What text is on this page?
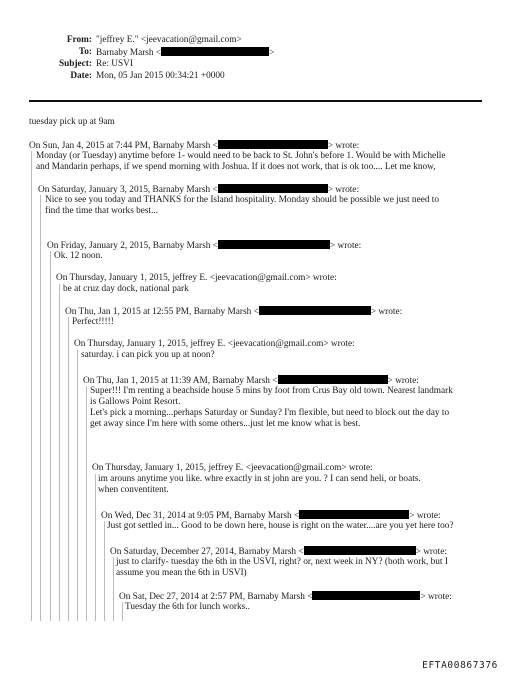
From: "jeffrey E." <jeevacation@gmail.com>
To: Barnaby Marsh <	>
Subject: Re: USVI
Date: Mon, 05 Jan 2015 00:34:21 +0000
tuesday pick up at 9am
On Sun, Jan 4, 2015 at 7:44 PM, Barnaby Marsh <	> wrote:
Monday (or Tuesday) anytime before 1- would need to be back to St. John's before 1. Would be with Michelle
and Mandarin perhaps, if we spend morning with Joshua. If it does not work, that is ok too.... Let me know,
On Saturday, January 3, 2015, Barnaby Marsh <	> wrote:
Nice to see you today and THANKS for the Island hospitality. Monday should be possible we just need to
find the time that works best...
On Friday, January 2, 2015, Barnaby Marsh <	> wrote:
Ok. 12 noon.
On Thursday, January 1, 2015, jeffrey E. <jeevacation@gmail.com> wrote:
be at cruz day dock, national park
On Thu, Jan 1, 2015 at 12:55 PM, Barnaby Marsh <	> wrote:
Perfect!!!!!
On Thursday, January 1, 2015, jeffrey E. <jeevacation@gmail.com> wrote:
saturday. i can pick you up at noon?
On Thu, Jan 1, 2015 at 11:39 AM, Barnaby Marsh <	> wrote:
Super!!! I'm renting a beachside house 5 mins by foot from Crus Bay old town. Nearest landmark
is Gallows Point Resort.
Let's pick a morning...perhaps Saturday or Sunday? I'm flexible, but need to block out the day to
get away since I'm here with some others...just let me know what is best.
On Thursday, January 1, 2015, jeffrey E. <jeevacation@gmail.com> wrote:
im arouns anytime you like. whre exactly in st john are you. ? I can send heli, or boats.
when conventitent.
On Wed, Dec 31, 2014 at 9:05 PM, Barnaby Marsh <	> wrote:
Just got settled in... Good to be down here, house is right on the water....are you yet here too?
On Saturday, December 27, 2014, Barnaby Marsh <	> wrote:
just to clarify- tuesday the 6th in the USVI, right? or, next week in NY? (both work, but I
assume you mean the 6th in USVI)
On Sat, Dec 27, 2014 at 2:57 PM, Barnaby Marsh <	> wrote:
Tuesday the 6th for lunch works..
EFTA00867376
